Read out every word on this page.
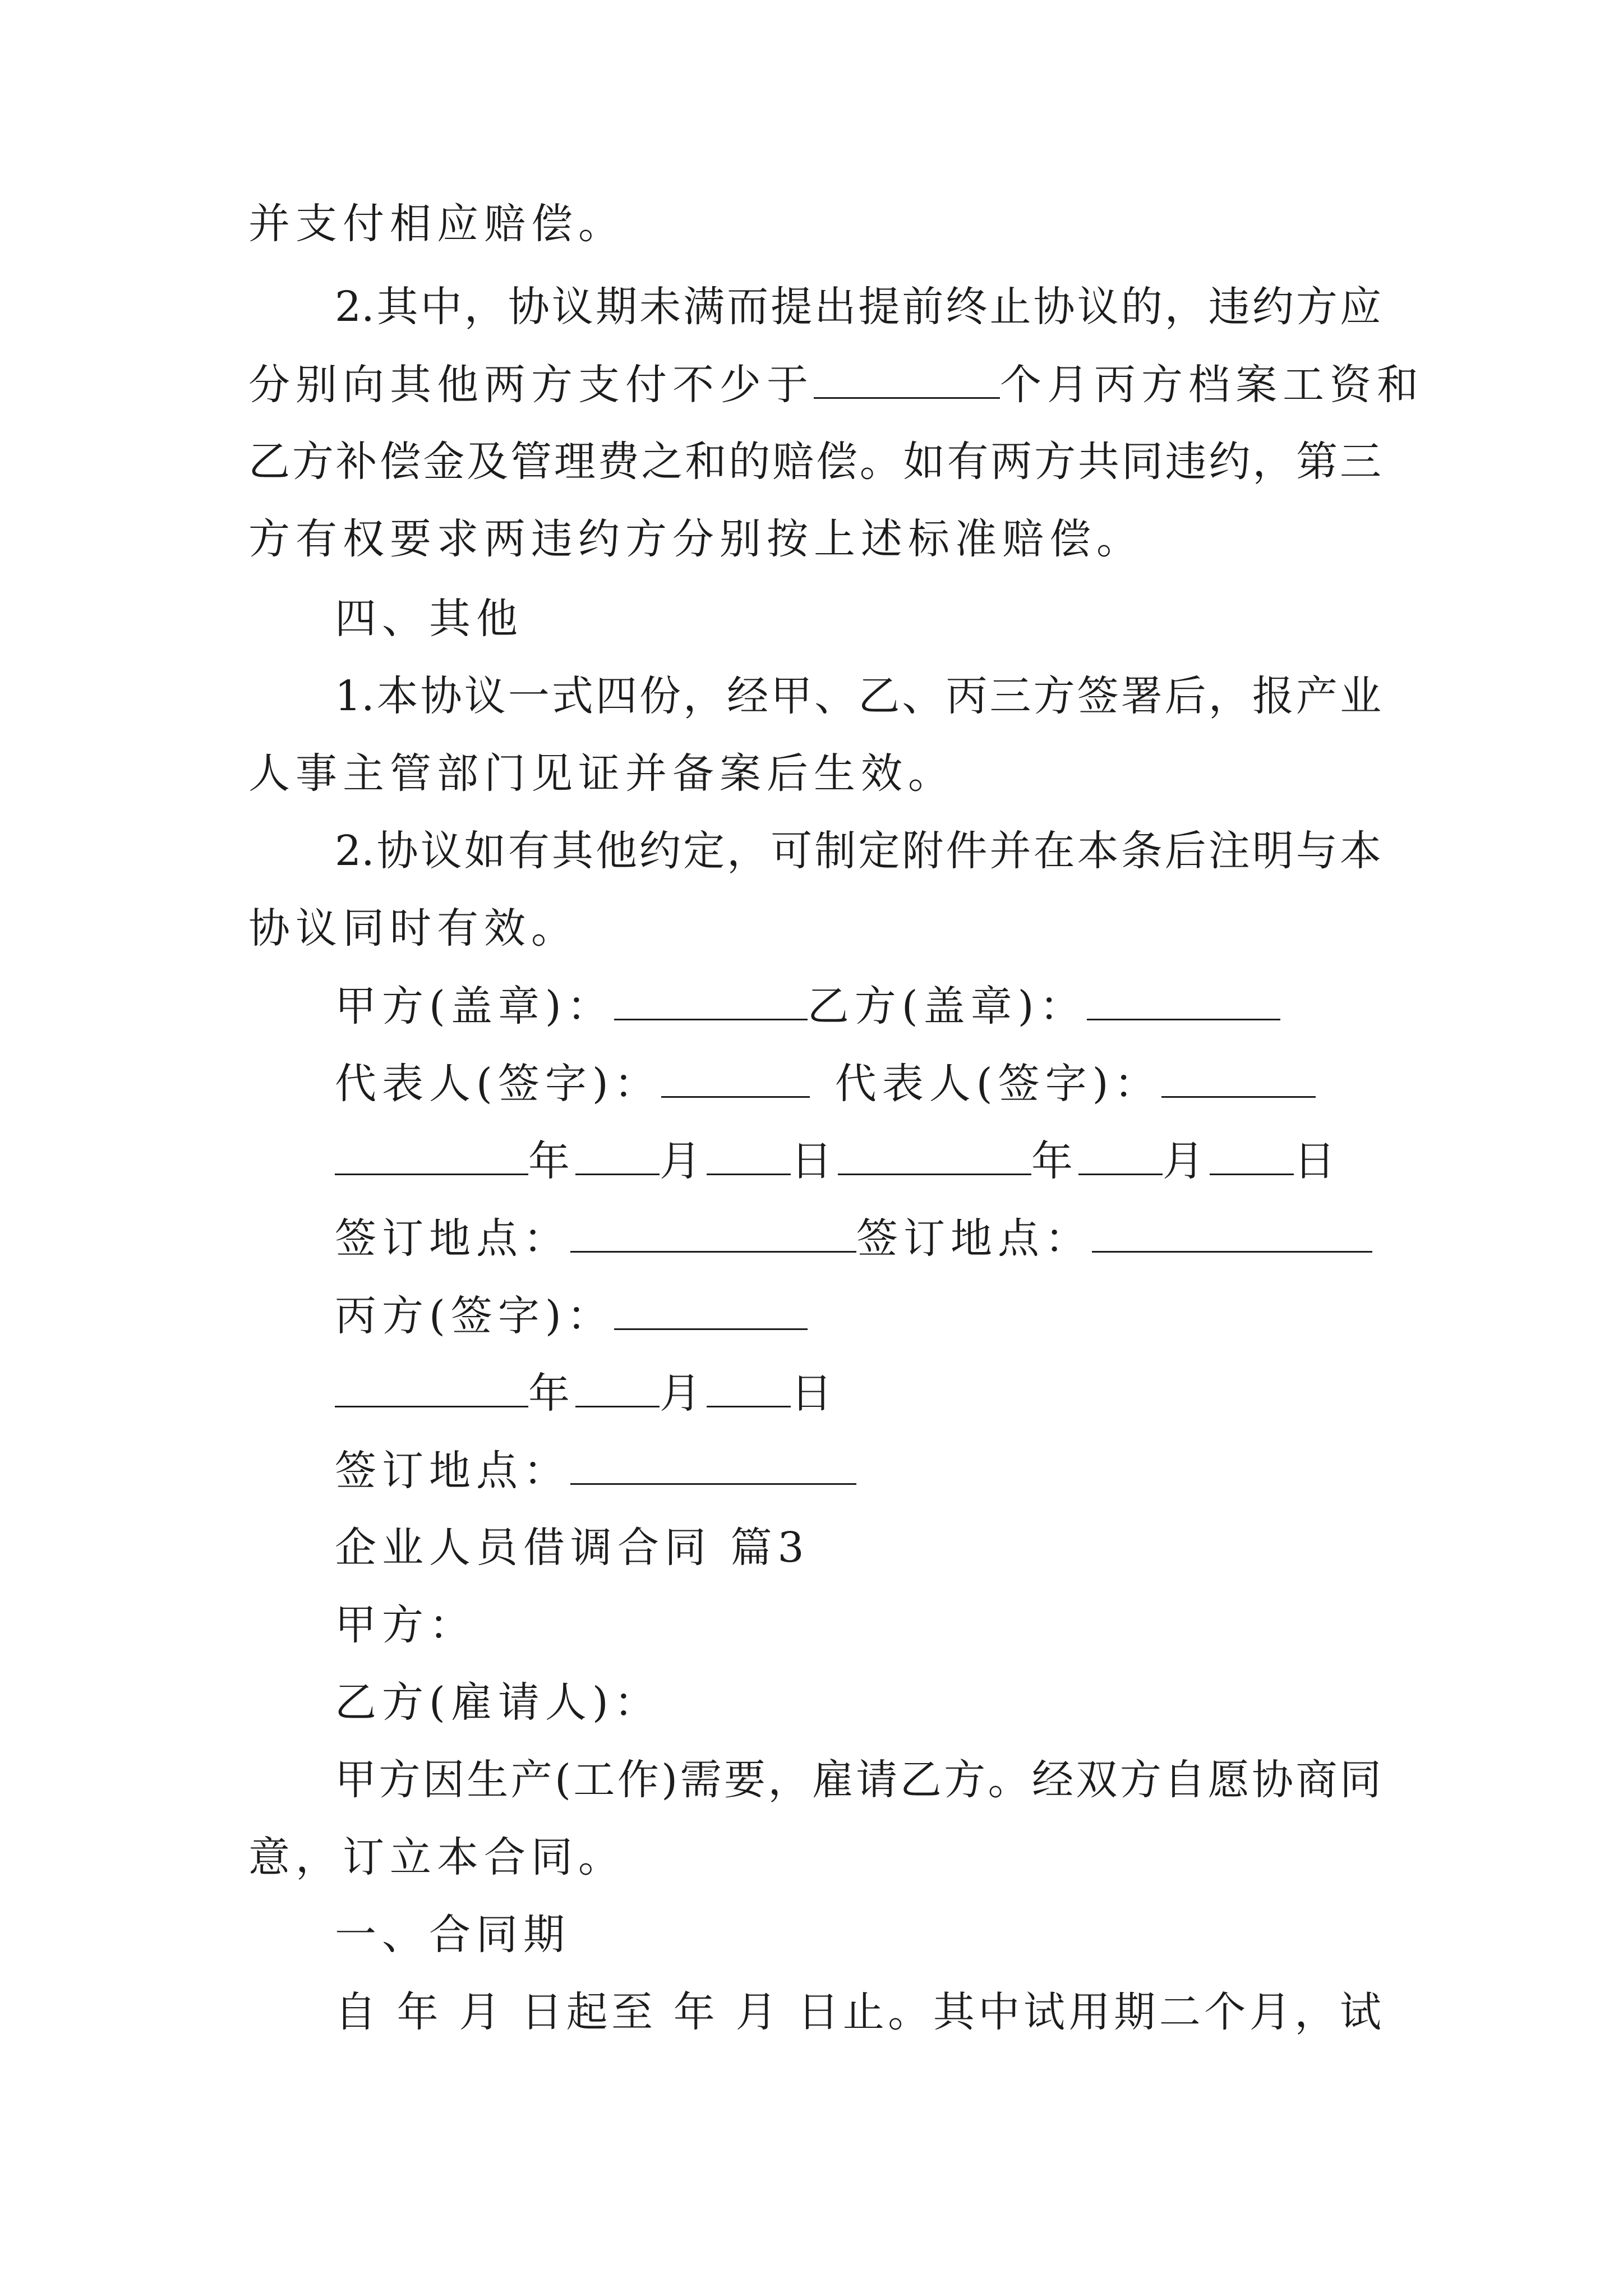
并支付相应赔偿。
2.其中，协议期未满而提出提前终止协议的，违约方应
分别向其他两方支付不少于	个月丙方档案工资和
乙方补偿金及管理费之和的赔偿。如有两方共同违约，第三
方有权要求两违约方分别按上述标准赔偿。
四、其他
1.本协议一式四份，经甲、乙、丙三方签署后，报产业
人事主管部门见证并备案后生效。
2.协议如有其他约定，可制定附件并在本条后注明与本
协议同时有效。
甲方(盖章)：	乙方(盖章)：
代表人(签字)：	代表人(签字)：
年 月 日	年 月 日
签订地点：	签订地点：
丙方(签字)：
年 月 日
签订地点：
企业人员借调合同 篇3
甲方：
乙方(雇请人)：
甲方因生产(工作)需要，雇请乙方。经双方自愿协商同
意，订立本合同。
一、合同期
自 年 月 日起至 年 月 日止。其中试用期二个月，试
